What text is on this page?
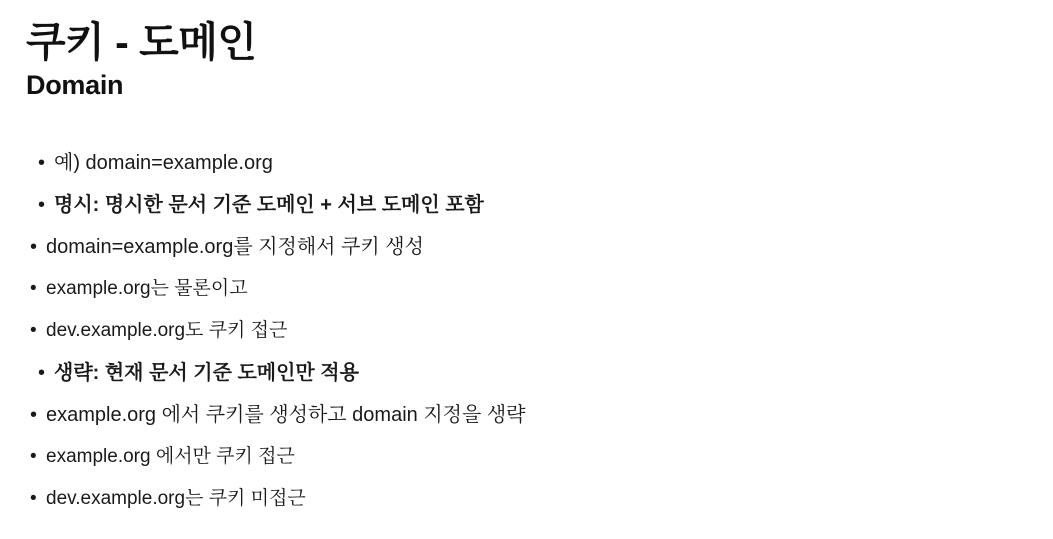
쿠키 - 도메인
Domain
• 예) domain=example.org
• 명시: 명시한 문서 기준 도메인 + 서브 도메인 포함
• domain=example.org를 지정해서 쿠키 생성
• example.org는 물론이고
• dev.example.org도 쿠키 접근
• 생략: 현재 문서 기준 도메인만 적용
• example.org 에서 쿠키를 생성하고 domain 지정을 생략
• example.org 에서만 쿠키 접근
• dev.example.org는 쿠키 미접근
